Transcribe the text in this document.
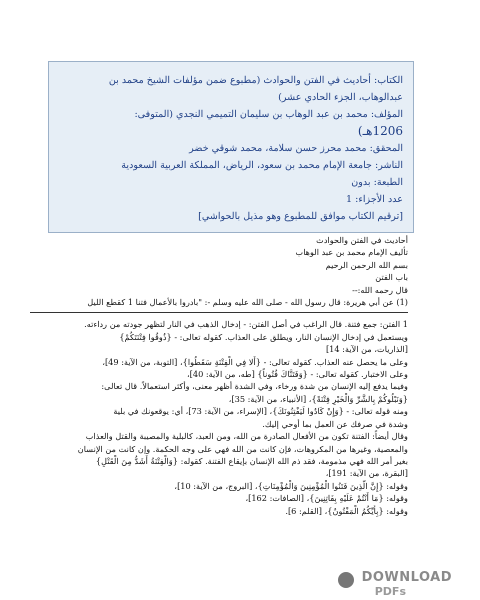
الكتاب: أحاديث في الفتن والحوادث (مطبوع ضمن مؤلفات الشيخ محمد بن
عبدالوهاب، الجزء الحادي عشر)
المؤلف: محمد بن عبد الوهاب بن سليمان التميمي النجدي (المتوفى:
1206هـ)
المحقق: محمد محرز حسن سلامة، محمد شوقي خضر
الناشر: جامعة الإمام محمد بن سعود، الرياض، المملكة العربية السعودية
الطبعة: بدون
عدد الأجزاء: 1
[ترقيم الكتاب موافق للمطبوع وهو مذيل بالحواشي]
أحاديث في الفتن والحوادث
تأليف الإمام محمد بن عبد الوهاب
بسم الله الرحمن الرحيم
باب الفتن
قال رحمه الله:--
(1) عن أبي هريرة: قال رسول الله - صلى الله عليه وسلم -: "بادروا بالأعمال فتنا 1 كقطع الليل
1 الفتن: جمع فتنة. قال الراغب في أصل الفتن: - إدخال الذهب في النار لتظهر جودته من رداءته.
ويستعمل في إدخال الإنسان النار، ويطلق على العذاب. كقوله تعالى: - {ذُوقُوا فِتْنَتَكُمْ}
[الذاريات، من الآية: 14]
وعلى ما يحصل عنه العذاب. كقوله تعالى: - {أَلا فِي الْفِتْنَةِ سَقَطُوا}، [التوبة، من الآية: 49]،
وعلى الاختبار. كقوله تعالى: - {وَفَتَنَّاكَ فُتُوناً} [طه، من الآية: 40]،
وفيما يدفع إليه الإنسان من شدة ورخاء، وفي الشدة أظهر معنى، وأكثر استعمالاً. قال تعالى:
{وَنَبْلُوكُمْ بِالشَّرِّ وَالْخَيْرِ فِتْنَةً}، [الأنبياء، من الآية: 35]،
ومنه قوله تعالى: - {وَإِنْ كَادُوا لَيَفْتِنُونَكَ}، [الإسراء، من الآية: 73]، أي: يوقعونك في بلية
وشدة في صرفك عن العمل بما أوحي إليك.
وقال أيضاً: الفتنة تكون من الأفعال الصادرة من الله، ومن العبد، كالبلية والمصيبة والقتل والعذاب
والمعصية، وغيرها من المكروهات، فإن كانت من الله فهي على وجه الحكمة. وإن كانت من الإنسان
بغير أمر الله فهي مذمومة، فقد ذم الله الإنسان بإيقاع الفتنة. كقوله: {وَالْفِتْنَةُ أَشَدُّ مِنَ الْقَتْلِ}
[البقرة، من الآية: 191]،
وقوله: {إِنَّ الَّذِينَ فَتَنُوا الْمُؤْمِنِينَ وَالْمُؤْمِنَاتِ}، [البروج، من الآية: 10]،
وقوله: {مَا أَنْتُمْ عَلَيْهِ بِفَاتِنِينَ}، [الصافات: 162]،
وقوله: {بِأَيِّكُمُ الْمَفْتُونُ}، [القلم: 6].
DOWNLOAD
PDFs
